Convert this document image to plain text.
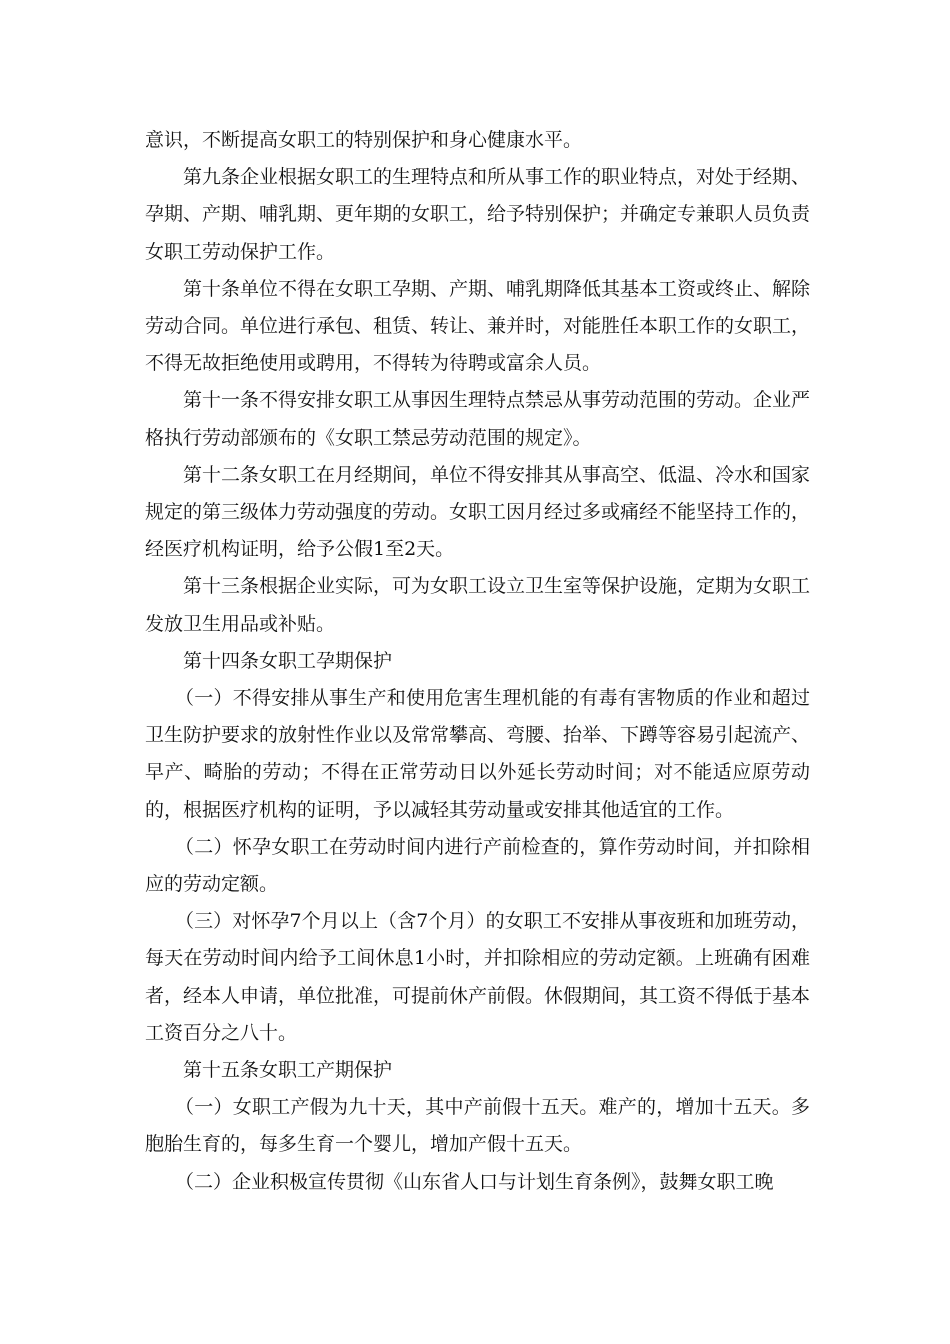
意识，不断提高女职工的特别保护和身心健康水平。

第九条企业根据女职工的生理特点和所从事工作的职业特点，对处于经期、孕期、产期、哺乳期、更年期的女职工，给予特别保护；并确定专兼职人员负责女职工劳动保护工作。

第十条单位不得在女职工孕期、产期、哺乳期降低其基本工资或终止、解除劳动合同。单位进行承包、租赁、转让、兼并时，对能胜任本职工作的女职工，不得无故拒绝使用或聘用，不得转为待聘或富余人员。

第十一条不得安排女职工从事因生理特点禁忌从事劳动范围的劳动。企业严格执行劳动部颁布的《女职工禁忌劳动范围的规定》。

第十二条女职工在月经期间，单位不得安排其从事高空、低温、冷水和国家规定的第三级体力劳动强度的劳动。女职工因月经过多或痛经不能坚持工作的，经医疗机构证明，给予公假1至2天。

第十三条根据企业实际，可为女职工设立卫生室等保护设施，定期为女职工发放卫生用品或补贴。

第十四条女职工孕期保护

（一）不得安排从事生产和使用危害生理机能的有毒有害物质的作业和超过卫生防护要求的放射性作业以及常常攀高、弯腰、抬举、下蹲等容易引起流产、早产、畸胎的劳动；不得在正常劳动日以外延长劳动时间；对不能适应原劳动的，根据医疗机构的证明，予以减轻其劳动量或安排其他适宜的工作。

（二）怀孕女职工在劳动时间内进行产前检查的，算作劳动时间，并扣除相应的劳动定额。

（三）对怀孕7个月以上（含7个月）的女职工不安排从事夜班和加班劳动，每天在劳动时间内给予工间休息1小时，并扣除相应的劳动定额。上班确有困难者，经本人申请，单位批准，可提前休产前假。休假期间，其工资不得低于基本工资百分之八十。

第十五条女职工产期保护

（一）女职工产假为九十天，其中产前假十五天。难产的，增加十五天。多胞胎生育的，每多生育一个婴儿，增加产假十五天。

（二）企业积极宣传贯彻《山东省人口与计划生育条例》，鼓舞女职工晚
